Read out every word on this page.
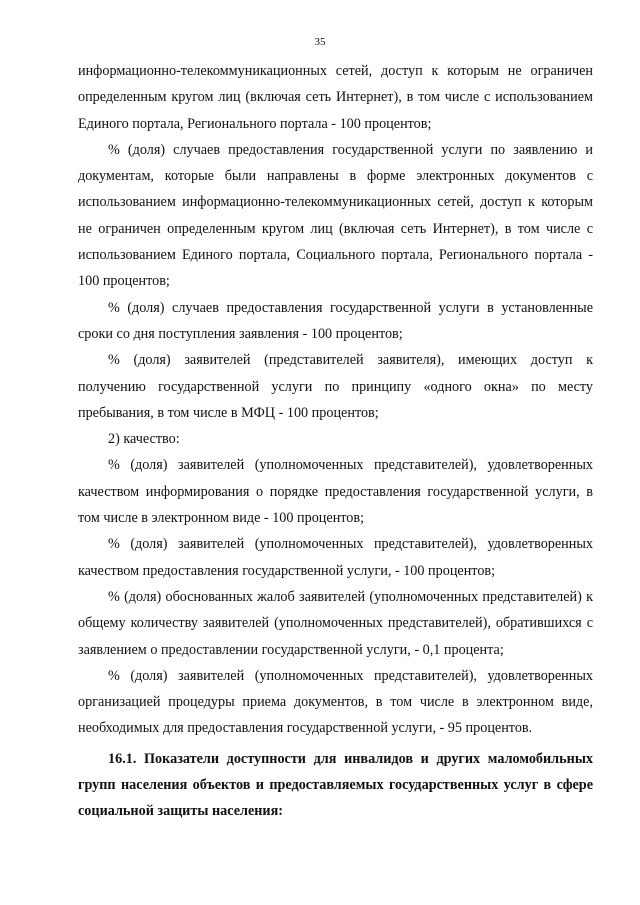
35

информационно-телекоммуникационных сетей, доступ к которым не ограничен определенным кругом лиц (включая сеть Интернет), в том числе с использованием Единого портала, Регионального портала - 100 процентов;

% (доля) случаев предоставления государственной услуги по заявлению и документам, которые были направлены в форме электронных документов с использованием информационно-телекоммуникационных сетей, доступ к которым не ограничен определенным кругом лиц (включая сеть Интернет), в том числе с использованием Единого портала, Социального портала, Регионального портала - 100 процентов;

% (доля) случаев предоставления государственной услуги в установленные сроки со дня поступления заявления - 100 процентов;

% (доля) заявителей (представителей заявителя), имеющих доступ к получению государственной услуги по принципу «одного окна» по месту пребывания, в том числе в МФЦ - 100 процентов;

2) качество:

% (доля) заявителей (уполномоченных представителей), удовлетворенных качеством информирования о порядке предоставления государственной услуги, в том числе в электронном виде - 100 процентов;

% (доля) заявителей (уполномоченных представителей), удовлетворенных качеством предоставления государственной услуги, - 100 процентов;

% (доля) обоснованных жалоб заявителей (уполномоченных представителей) к общему количеству заявителей (уполномоченных представителей), обратившихся с заявлением о предоставлении государственной услуги, - 0,1 процента;

% (доля) заявителей (уполномоченных представителей), удовлетворенных организацией процедуры приема документов, в том числе в электронном виде, необходимых для предоставления государственной услуги, - 95 процентов.

16.1. Показатели доступности для инвалидов и других маломобильных групп населения объектов и предоставляемых государственных услуг в сфере социальной защиты населения:
